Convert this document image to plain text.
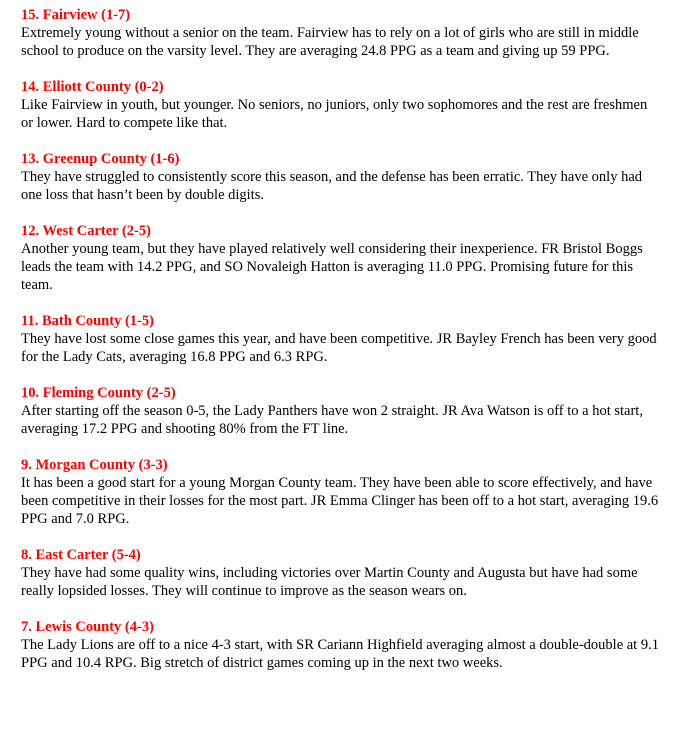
15. Fairview (1-7)

Extremely young without a senior on the team. Fairview has to rely on a lot of girls who are still in middle school to produce on the varsity level. They are averaging 24.8 PPG as a team and giving up 59 PPG.

14. Elliott County (0-2)

Like Fairview in youth, but younger. No seniors, no juniors, only two sophomores and the rest are freshmen or lower. Hard to compete like that.

13. Greenup County (1-6)

They have struggled to consistently score this season, and the defense has been erratic. They have only had one loss that hasn’t been by double digits.

12. West Carter (2-5)

Another young team, but they have played relatively well considering their inexperience. FR Bristol Boggs leads the team with 14.2 PPG, and SO Novaleigh Hatton is averaging 11.0 PPG. Promising future for this team.

11. Bath County (1-5)

They have lost some close games this year, and have been competitive. JR Bayley French has been very good for the Lady Cats, averaging 16.8 PPG and 6.3 RPG.

10. Fleming County (2-5)

After starting off the season 0-5, the Lady Panthers have won 2 straight. JR Ava Watson is off to a hot start, averaging 17.2 PPG and shooting 80% from the FT line.

9. Morgan County (3-3)

It has been a good start for a young Morgan County team. They have been able to score effectively, and have been competitive in their losses for the most part. JR Emma Clinger has been off to a hot start, averaging 19.6 PPG and 7.0 RPG.

8. East Carter (5-4)

They have had some quality wins, including victories over Martin County and Augusta but have had some really lopsided losses. They will continue to improve as the season wears on.

7. Lewis County (4-3)

The Lady Lions are off to a nice 4-3 start, with SR Cariann Highfield averaging almost a double-double at 9.1 PPG and 10.4 RPG. Big stretch of district games coming up in the next two weeks.
